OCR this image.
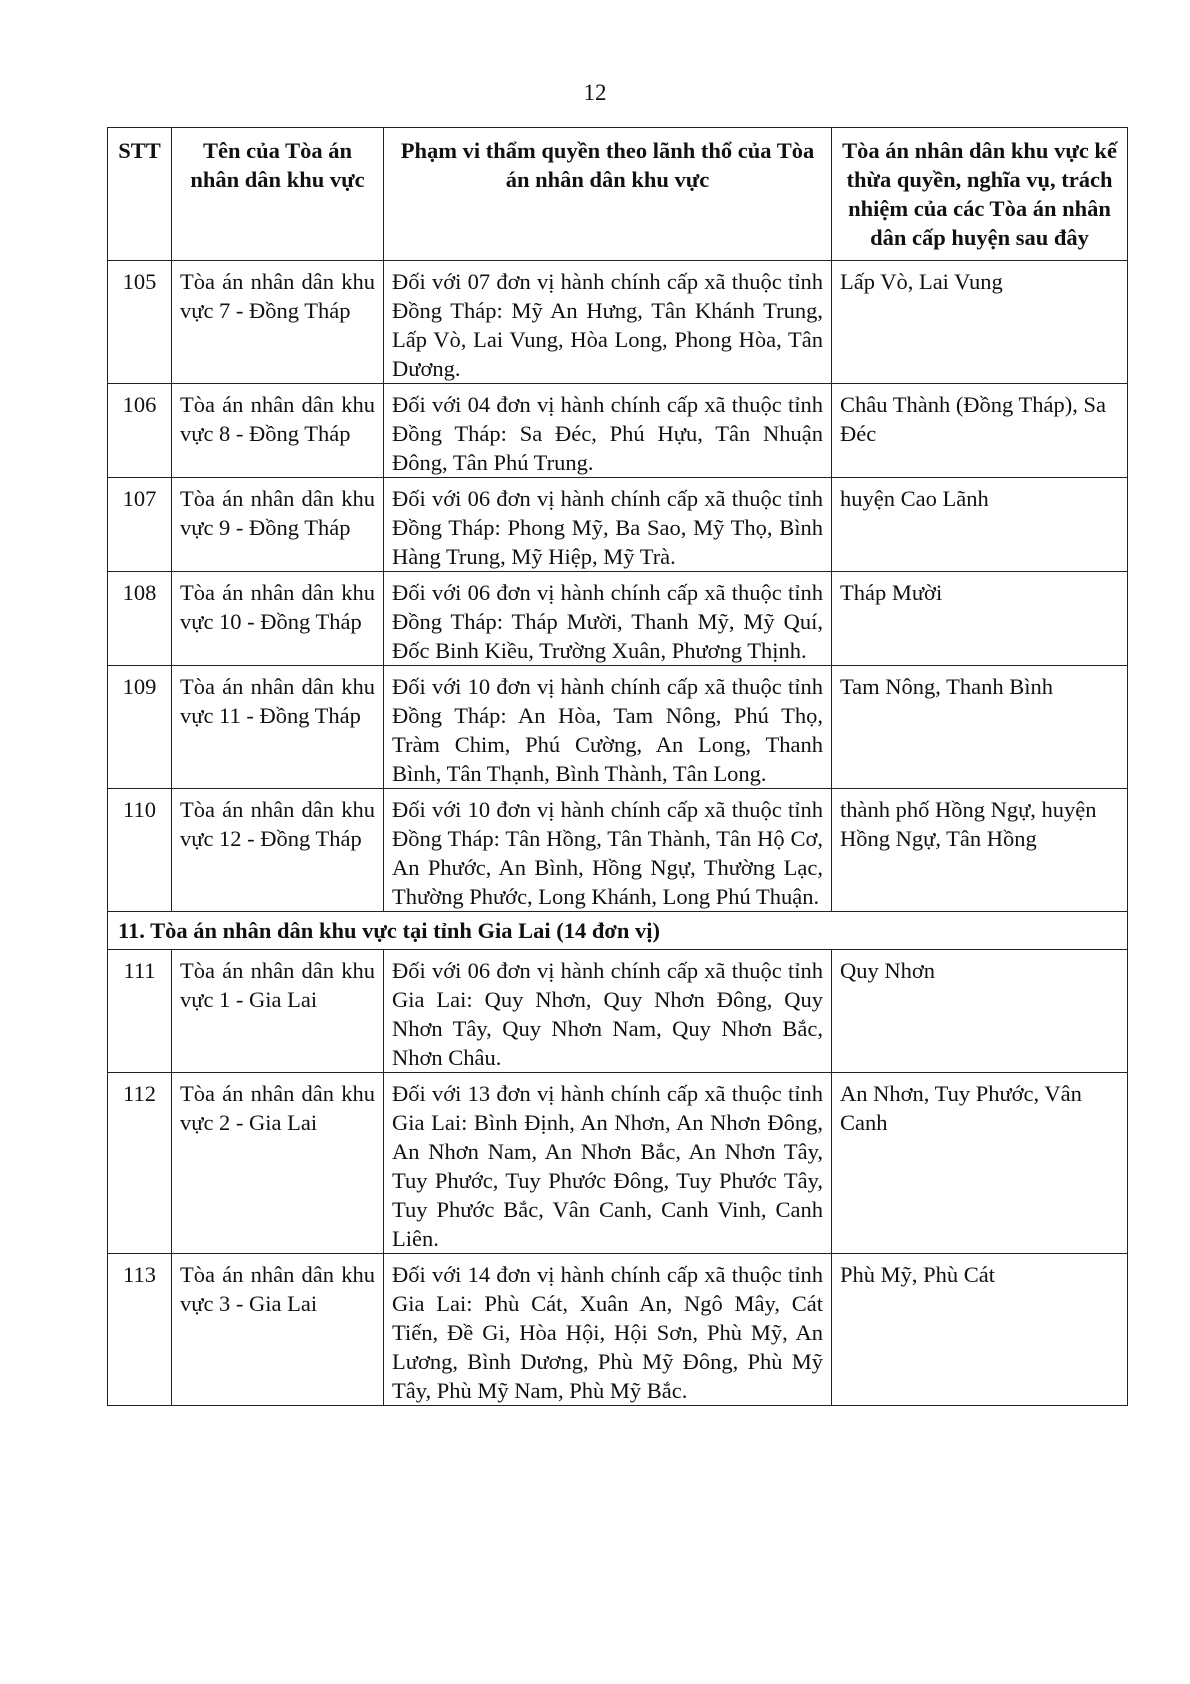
12
STT	Tên của Tòa án nhân dân khu vực	Phạm vi thẩm quyền theo lãnh thổ của Tòa án nhân dân khu vực	Tòa án nhân dân khu vực kế thừa quyền, nghĩa vụ, trách nhiệm của các Tòa án nhân dân cấp huyện sau đây
105	Tòa án nhân dân khu vực 7 - Đồng Tháp	Đối với 07 đơn vị hành chính cấp xã thuộc tỉnh Đồng Tháp: Mỹ An Hưng, Tân Khánh Trung, Lấp Vò, Lai Vung, Hòa Long, Phong Hòa, Tân Dương.	Lấp Vò, Lai Vung
106	Tòa án nhân dân khu vực 8 - Đồng Tháp	Đối với 04 đơn vị hành chính cấp xã thuộc tỉnh Đồng Tháp: Sa Đéc, Phú Hựu, Tân Nhuận Đông, Tân Phú Trung.	Châu Thành (Đồng Tháp), Sa Đéc
107	Tòa án nhân dân khu vực 9 - Đồng Tháp	Đối với 06 đơn vị hành chính cấp xã thuộc tỉnh Đồng Tháp: Phong Mỹ, Ba Sao, Mỹ Thọ, Bình Hàng Trung, Mỹ Hiệp, Mỹ Trà.	huyện Cao Lãnh
108	Tòa án nhân dân khu vực 10 - Đồng Tháp	Đối với 06 đơn vị hành chính cấp xã thuộc tỉnh Đồng Tháp: Tháp Mười, Thanh Mỹ, Mỹ Quí, Đốc Binh Kiều, Trường Xuân, Phương Thịnh.	Tháp Mười
109	Tòa án nhân dân khu vực 11 - Đồng Tháp	Đối với 10 đơn vị hành chính cấp xã thuộc tỉnh Đồng Tháp: An Hòa, Tam Nông, Phú Thọ, Tràm Chim, Phú Cường, An Long, Thanh Bình, Tân Thạnh, Bình Thành, Tân Long.	Tam Nông, Thanh Bình
110	Tòa án nhân dân khu vực 12 - Đồng Tháp	Đối với 10 đơn vị hành chính cấp xã thuộc tỉnh Đồng Tháp: Tân Hồng, Tân Thành, Tân Hộ Cơ, An Phước, An Bình, Hồng Ngự, Thường Lạc, Thường Phước, Long Khánh, Long Phú Thuận.	thành phố Hồng Ngự, huyện Hồng Ngự, Tân Hồng
11. Tòa án nhân dân khu vực tại tỉnh Gia Lai (14 đơn vị)			
111	Tòa án nhân dân khu vực 1 - Gia Lai	Đối với 06 đơn vị hành chính cấp xã thuộc tỉnh Gia Lai: Quy Nhơn, Quy Nhơn Đông, Quy Nhơn Tây, Quy Nhơn Nam, Quy Nhơn Bắc, Nhơn Châu.	Quy Nhơn
112	Tòa án nhân dân khu vực 2 - Gia Lai	Đối với 13 đơn vị hành chính cấp xã thuộc tỉnh Gia Lai: Bình Định, An Nhơn, An Nhơn Đông, An Nhơn Nam, An Nhơn Bắc, An Nhơn Tây, Tuy Phước, Tuy Phước Đông, Tuy Phước Tây, Tuy Phước Bắc, Vân Canh, Canh Vinh, Canh Liên.	An Nhơn, Tuy Phước, Vân Canh
113	Tòa án nhân dân khu vực 3 - Gia Lai	Đối với 14 đơn vị hành chính cấp xã thuộc tỉnh Gia Lai: Phù Cát, Xuân An, Ngô Mây, Cát Tiến, Đề Gi, Hòa Hội, Hội Sơn, Phù Mỹ, An Lương, Bình Dương, Phù Mỹ Đông, Phù Mỹ Tây, Phù Mỹ Nam, Phù Mỹ Bắc.	Phù Mỹ, Phù Cát
